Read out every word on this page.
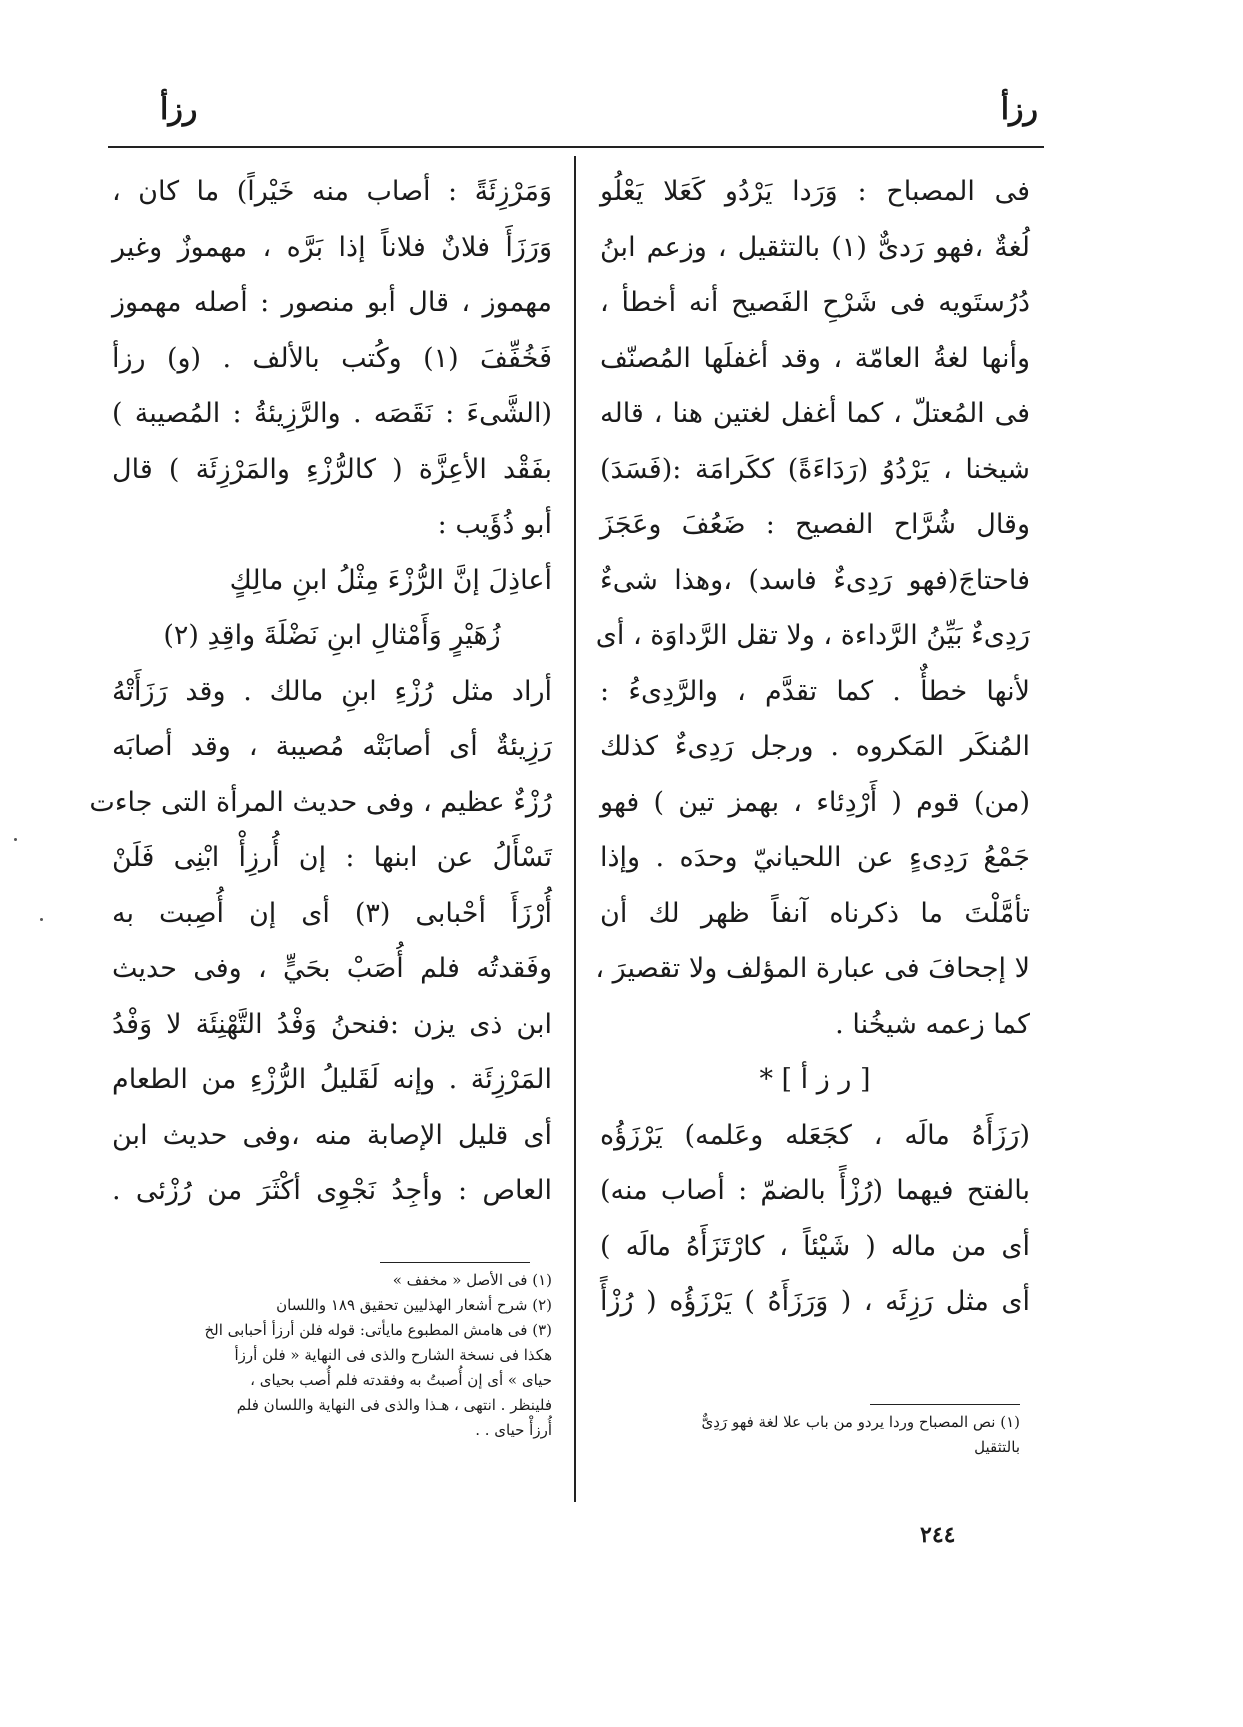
رزأ
رزأ
فى المصباح : وَرَدا يَرْدُو كَعَلا يَعْلُو
لُغةٌ ،فهو رَدىٌّ (١) بالتثقيل ، وزعم ابنُ
دُرُستَويه فى شَرْحِ الفَصيح أنه أخطأ ،
وأنها لغةُ العامّة ، وقد أغفلَها المُصنّف
فى المُعتلّ ، كما أغفل لغتين هنا ، قاله
شيخنا ، يَرْدُوُ (رَدَاءَةً) ككَرامَة :(فَسَدَ)
وقال شُرَّاح الفصيح : ضَعُفَ وعَجَزَ
فاحتاجَ(فهو رَدِىءٌ فاسد) ،وهذا شىءٌ
رَدِىءٌ بَيِّنُ الرَّداءة ، ولا تقل الرَّداوَة ، أى
لأنها خطأٌ . كما تقدَّم ، والرَّدِىءُ :
المُنكَر المَكروه . ورجل رَدِىءٌ كذلك
(من) قوم ( أَرْدِئاء ، بهمز تين ) فهو
جَمْعُ رَدِىءٍ عن اللحيانيّ وحدَه . وإذا
تأمَّلْتَ ما ذكرناه آنفاً ظهر لك أن
لا إجحافَ فى عبارة المؤلف ولا تقصيرَ ،
كما زعمه شيخُنا .
[ ر ز أ ] *
(رَزَأَهُ مالَه ، كجَعَله وعَلمه) يَرْزَؤُه
بالفتح فيهما (رُزْأً بالضمّ : أصاب منه)
أى من ماله ( شَيْئاً ، كارْتَزَأَهُ مالَه )
أى مثل رَزِئَه ، ( وَرَزَأَهُ ) يَرْزَؤُه ( رُزْأً
وَمَرْزِئَةً : أصاب منه خَيْراً) ما كان ،
وَرَزَأَ فلانٌ فلاناً إذا بَرَّه ، مهموزٌ وغير
مهموز ، قال أبو منصور : أصله مهموز
فَخُفِّفَ (١) وكُتب بالألف . (و) رزأ
(الشَّىءَ : نَقَصَه . والرَّزِيئةُ : المُصيبة )
بفَقْد الأعِزَّة ( كالرُّزْءِ والمَرْزِئَة ) قال
أبو ذُؤَيب :
أعاذِلَ إنَّ الرُّزْءَ مِثْلُ ابنِ مالِكٍ
زُهَيْرٍ وَأَمْثالِ ابنِ نَضْلَةَ واقِدِ (٢)
أراد مثل رُزْءِ ابنِ مالك . وقد رَزَأَتْهُ
رَزِيئةٌ أى أصابَتْه مُصيبة ، وقد أصابَه
رُزْءٌ عظيم ، وفى حديث المرأة التى جاءت
تَسْأَلُ عن ابنها : إن أُرزِأْ ابْنِى فَلَنْ
أُرْزَأَ أحْبابى (٣) أى إن أُصِبت به
وفَقدتُه فلم أُصَبْ بحَيٍّ ، وفى حديث
ابن ذى يزن :فنحنُ وَفْدُ التَّهْنِئَة لا وَفْدُ
المَرْزِئَة . وإنه لَقَليلُ الرُّزْءِ من الطعام
أى قليل الإصابة منه ،وفى حديث ابن
العاص : وأجِدُ نَجْوِى أكْثَرَ من رُزْئى .
(١) فى الأصل « مخفف »
(٢) شرح أشعار الهذليين تحقيق ١٨٩ واللسان
(٣) فى هامش المطبوع مايأتى: قوله فلن أرزأ أحبابى الخ
هكذا فى نسخة الشارح والذى فى النهاية « فلن أرزأ
حياى » أى إن أُصبتُ به وفقدته فلم أُصب بحياى ،
فلينظر . انتهى ، هـذا والذى فى النهاية واللسان فلم
أُرزأْ حياى . .	(١) نص المصباح وردا يردو من باب علا لغة فهو رَدِىٌّ
بالتثقيل
٢٤٤
